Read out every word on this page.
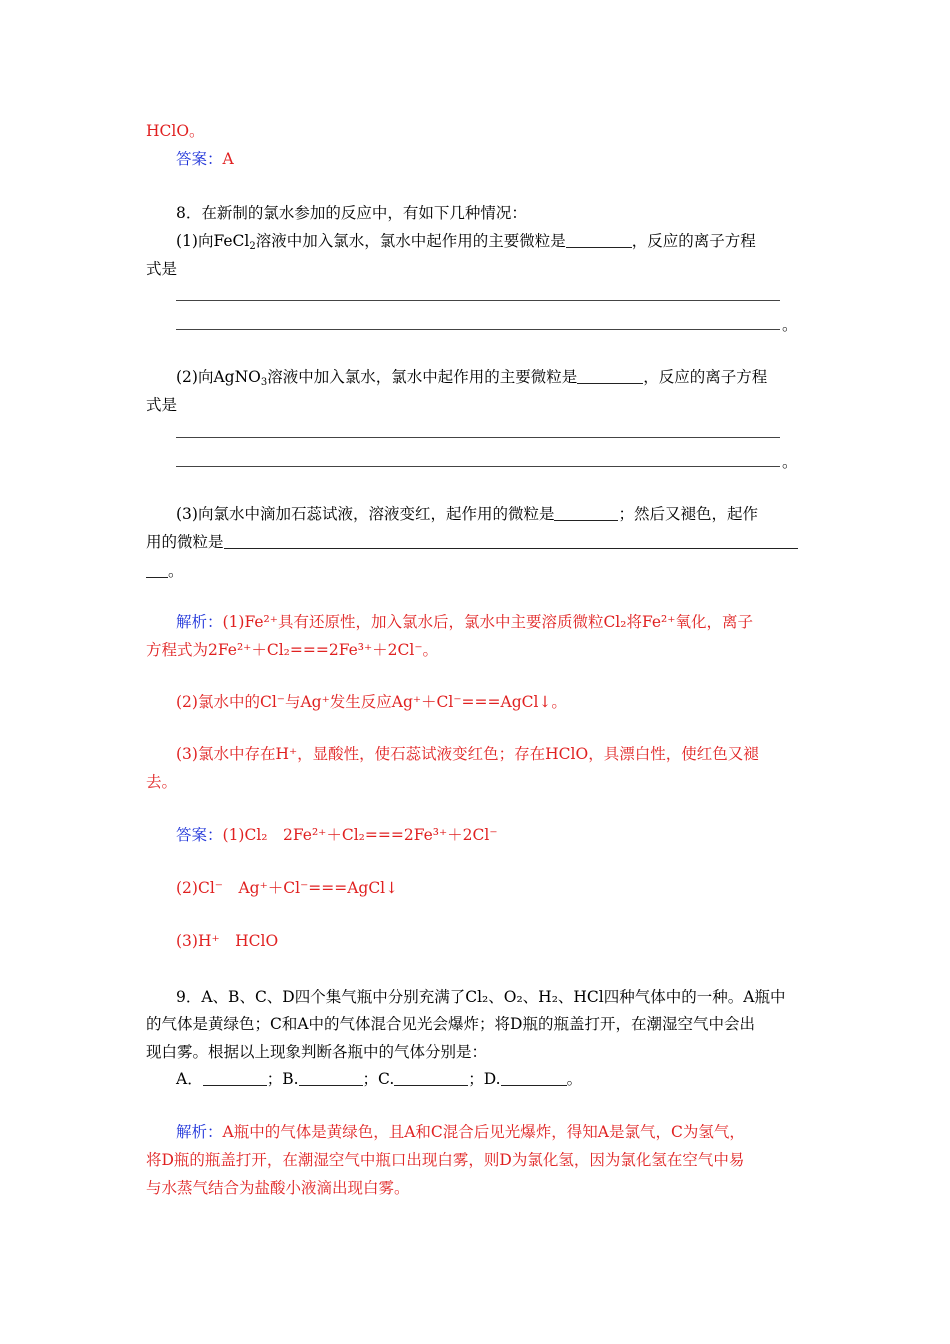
HClO。
答案：A
8．在新制的氯水参加的反应中，有如下几种情况：
(1)向FeCl$_2$溶液中加入氯水，氯水中起作用的主要微粒是	，反应的离子方程
式是
。
(2)向AgNO$_3$溶液中加入氯水，氯水中起作用的主要微粒是	，反应的离子方程
式是
。
(3)向氯水中滴加石蕊试液，溶液变红，起作用的微粒是	；然后又褪色，起作
用的微粒是
。
解析：(1)Fe²⁺具有还原性，加入氯水后，氯水中主要溶质微粒Cl₂将Fe²⁺氧化，离子
方程式为2Fe²⁺＋Cl₂===2Fe³⁺＋2Cl⁻。
(2)氯水中的Cl⁻与Ag⁺发生反应Ag⁺＋Cl⁻===AgCl↓。
(3)氯水中存在H⁺，显酸性，使石蕊试液变红色；存在HClO，具漂白性，使红色又褪
去。
答案：(1)Cl₂　2Fe²⁺＋Cl₂===2Fe³⁺＋2Cl⁻
(2)Cl⁻　Ag⁺＋Cl⁻===AgCl↓
(3)H⁺　HClO
9．A、B、C、D四个集气瓶中分别充满了Cl₂、O₂、H₂、HCl四种气体中的一种。A瓶中
的气体是黄绿色；C和A中的气体混合见光会爆炸；将D瓶的瓶盖打开，在潮湿空气中会出
现白雾。根据以上现象判断各瓶中的气体分别是：
A．	；B.	；C.	；D.	。
解析：A瓶中的气体是黄绿色，且A和C混合后见光爆炸，得知A是氯气，C为氢气，
将D瓶的瓶盖打开，在潮湿空气中瓶口出现白雾，则D为氯化氢，因为氯化氢在空气中易
与水蒸气结合为盐酸小液滴出现白雾。
